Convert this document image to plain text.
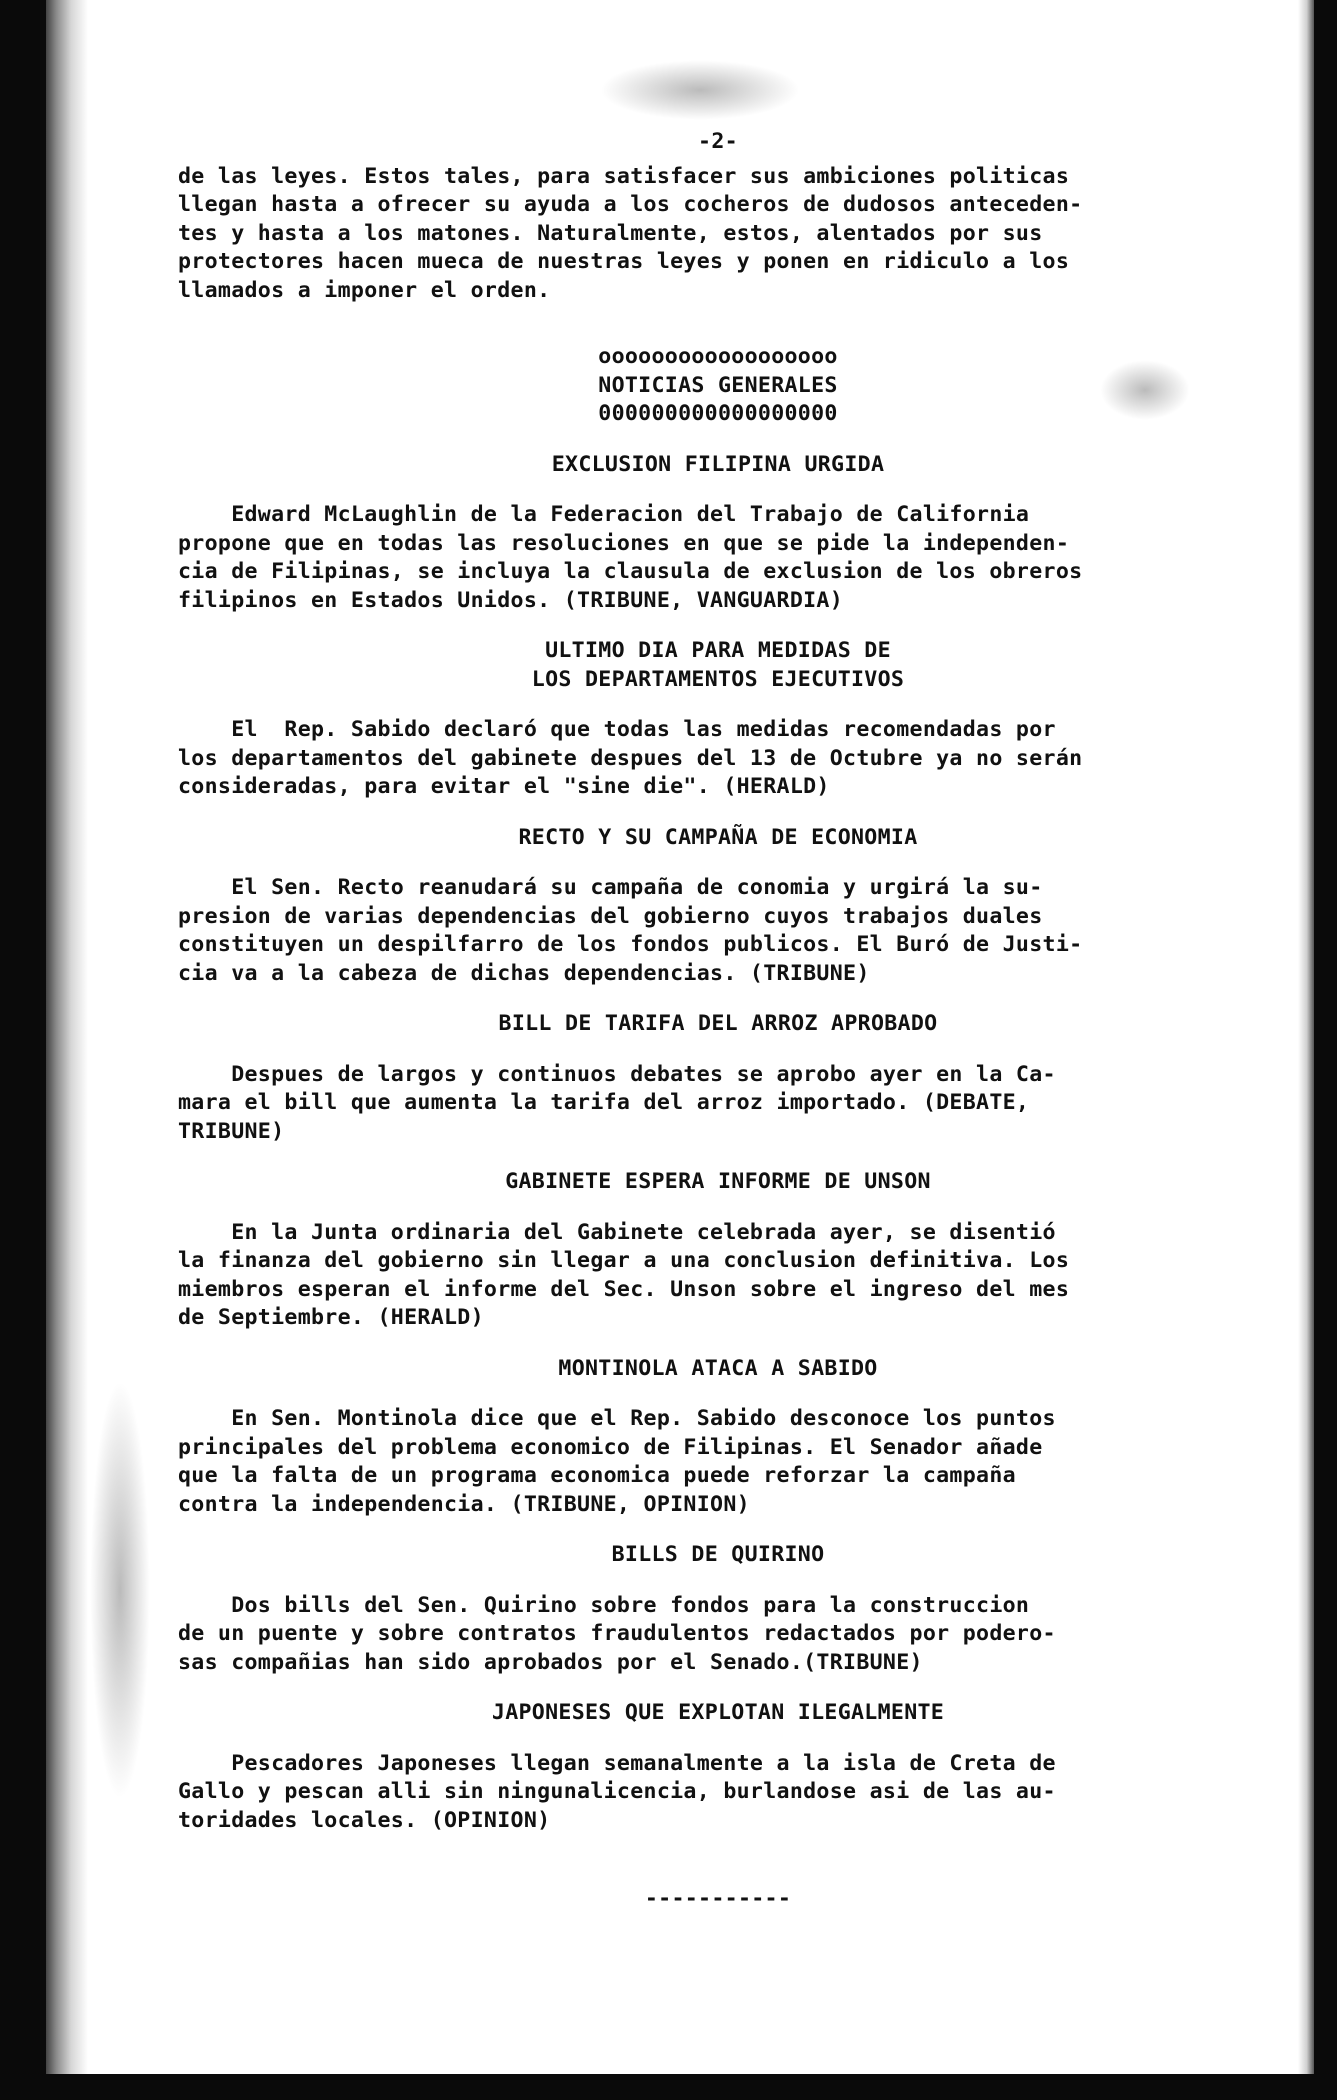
-2-

de las leyes. Estos tales, para satisfacer sus ambiciones politicas

llegan hasta a ofrecer su ayuda a los cocheros de dudosos anteceden-

tes y hasta a los matones. Naturalmente, estos, alentados por sus

protectores hacen mueca de nuestras leyes y ponen en ridiculo a los

llamados a imponer el orden.

oooooooooooooooooo
NOTICIAS GENERALES
000000000000000000
EXCLUSION FILIPINA URGIDA

Edward McLaughlin de la Federacion del Trabajo de California

propone que en todas las resoluciones en que se pide la independen-

cia de Filipinas, se incluya la clausula de exclusion de los obreros

filipinos en Estados Unidos. (TRIBUNE, VANGUARDIA)

ULTIMO DIA PARA MEDIDAS DE
LOS DEPARTAMENTOS EJECUTIVOS

El  Rep. Sabido declaró que todas las medidas recomendadas por

los departamentos del gabinete despues del 13 de Octubre ya no serán

consideradas, para evitar el "sine die". (HERALD)

RECTO Y SU CAMPAÑA DE ECONOMIA

El Sen. Recto reanudará su campaña de conomia y urgirá la su-

presion de varias dependencias del gobierno cuyos trabajos duales

constituyen un despilfarro de los fondos publicos. El Buró de Justi-

cia va a la cabeza de dichas dependencias. (TRIBUNE)

BILL DE TARIFA DEL ARROZ APROBADO

Despues de largos y continuos debates se aprobo ayer en la Ca-

mara el bill que aumenta la tarifa del arroz importado. (DEBATE,

TRIBUNE)

GABINETE ESPERA INFORME DE UNSON

En la Junta ordinaria del Gabinete celebrada ayer, se disentió

la finanza del gobierno sin llegar a una conclusion definitiva. Los

miembros esperan el informe del Sec. Unson sobre el ingreso del mes

de Septiembre. (HERALD)

MONTINOLA ATACA A SABIDO

En Sen. Montinola dice que el Rep. Sabido desconoce los puntos

principales del problema economico de Filipinas. El Senador añade

que la falta de un programa economica puede reforzar la campaña

contra la independencia. (TRIBUNE, OPINION)

BILLS DE QUIRINO

Dos bills del Sen. Quirino sobre fondos para la construccion

de un puente y sobre contratos fraudulentos redactados por podero-

sas compañias han sido aprobados por el Senado.(TRIBUNE)

JAPONESES QUE EXPLOTAN ILEGALMENTE

Pescadores Japoneses llegan semanalmente a la isla de Creta de

Gallo y pescan alli sin ningunalicencia, burlandose asi de las au-

toridades locales. (OPINION)

-----------
